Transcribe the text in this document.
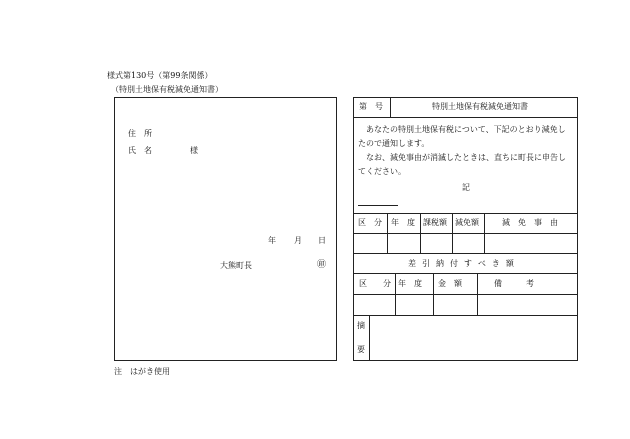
様式第130号（第99条関係）
（特別土地保有税減免通知書）
住　所
氏　名	様
年 月 日
大熊町長	㊞
第　号	特別土地保有税減免通知書
あなたの特別土地保有税について、下記のとおり減免し
たので通知します。
なお、減免事由が消滅したときは、直ちに町長に申告し
てください。
記
区　分 年　度 課税額 減免額	減　免　事　由
差引納付すべき額
区　　分 年　度 金　額	備　　　考
摘
要
注　はがき使用
